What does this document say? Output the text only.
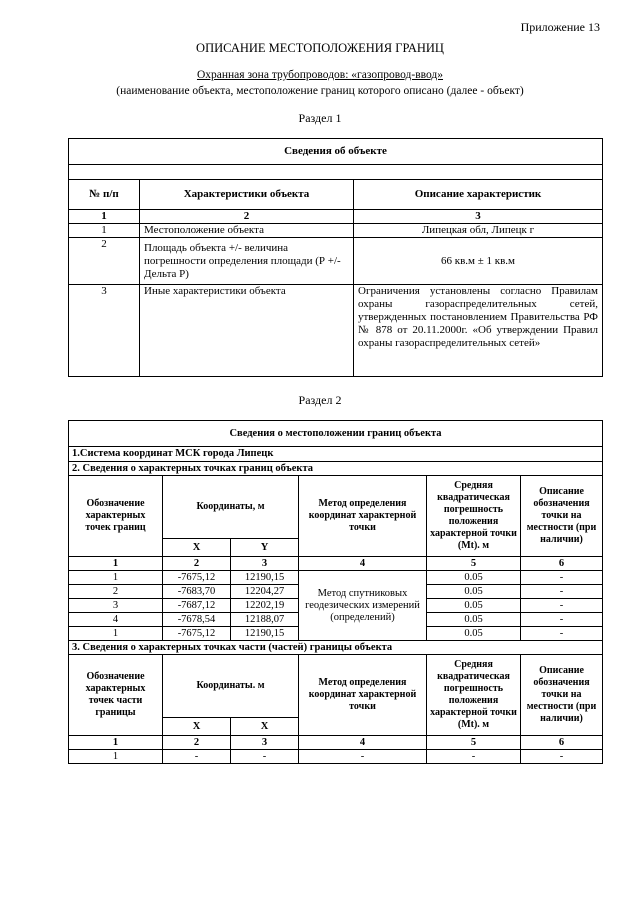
Приложение 13
ОПИСАНИЕ МЕСТОПОЛОЖЕНИЯ ГРАНИЦ
Охранная зона трубопроводов: «газопровод-ввод»
(наименование объекта, местоположение границ которого описано (далее - объект)
Раздел 1
Сведения об объекте		

№ п/п	Характеристики объекта	Описание характеристик
1	2	3
1	Местоположение объекта	Липецкая обл, Липецк г
2	Площадь объекта +/- величина погрешности определения площади (Р +/- Дельта Р)	66 кв.м ± 1 кв.м
3	Иные характеристики объекта	Ограничения установлены согласно Правилам охраны газораспределительных сетей, утвержденных постановлением Правительства РФ № 878 от 20.11.2000г. «Об утверждении Правил охраны газораспределительных сетей»
Раздел 2
Сведения о местоположении границ объекта					
1.Система координат МСК города Липецк					
2. Сведения о характерных точках границ объекта					
Обозначение характерных точек границ	Координаты, м		Метод определения координат характерной точки	Средняя квадратическая погрешность положения характерной точки (Mt). м	Описание обозначения точки на местности (при наличии)
	X	Y			
1	2	3	4	5	6
1	-7675,12	12190,15	Метод спутниковых геодезических измерений (определений)	0.05	-
2	-7683,70	12204,27		0.05	-
3	-7687,12	12202,19		0.05	-
4	-7678,54	12188,07		0.05	-
1	-7675,12	12190,15		0.05	-
3. Сведения о характерных точках части (частей) границы объекта					
Обозначение характерных точек части границы	Координаты. м		Метод определения координат характерной точки	Средняя квадратическая погрешность положения характерной точки (Mt). м	Описание обозначения точки на местности (при наличии)
	X	X			
1	2	3	4	5	6
1	-	-	-	-	-
